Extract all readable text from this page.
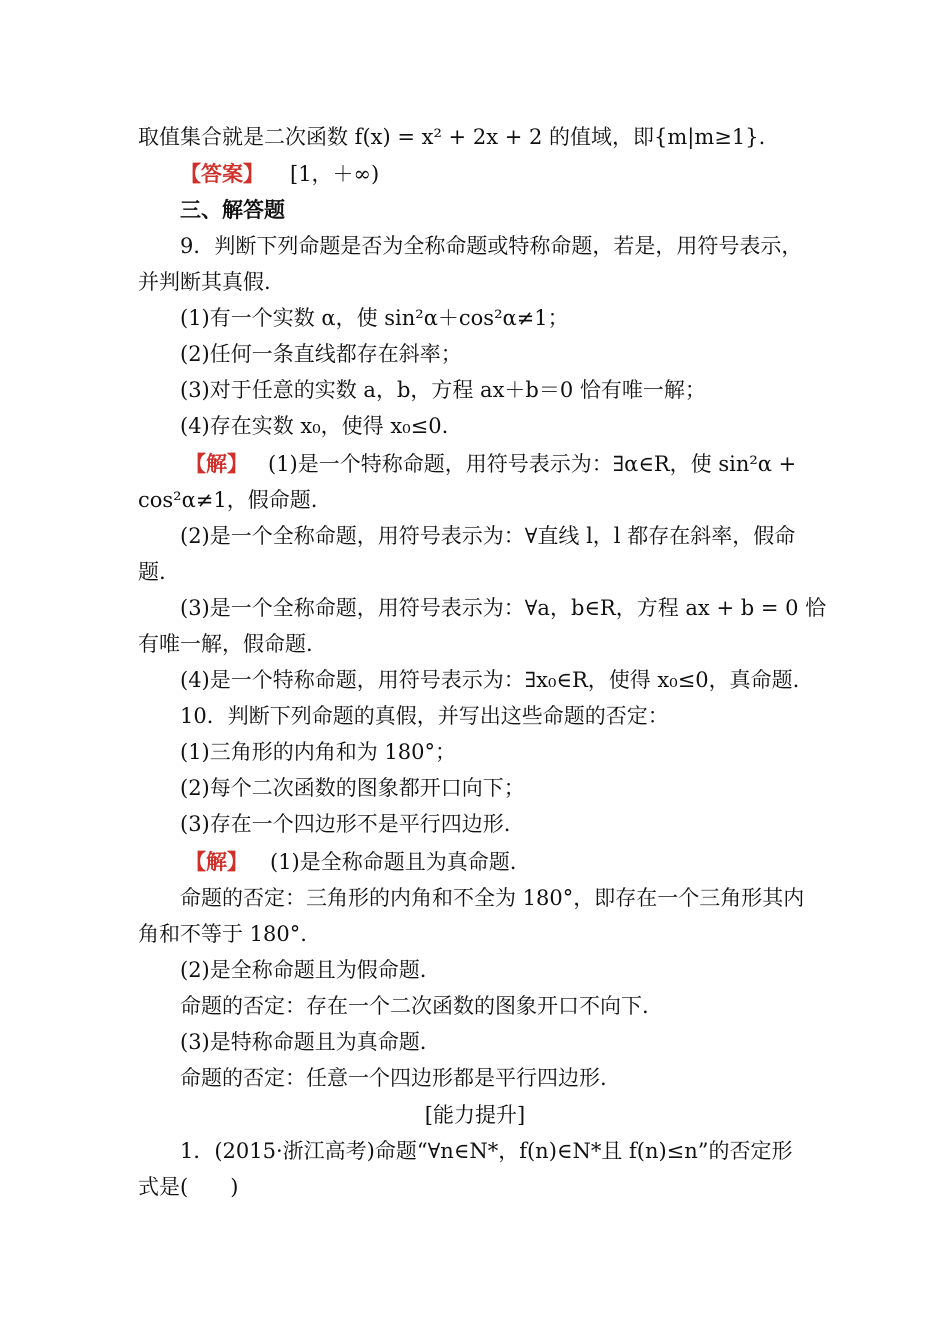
取值集合就是二次函数 f(x) = x² + 2x + 2 的值域，即{m|m≥1}.
【答案】 [1，＋∞)
三、解答题
9．判断下列命题是否为全称命题或特称命题，若是，用符号表示，
并判断其真假.
(1)有一个实数 α，使 sin²α＋cos²α≠1；
(2)任何一条直线都存在斜率；
(3)对于任意的实数 a，b，方程 ax＋b＝0 恰有唯一解；
(4)存在实数 x₀，使得 x₀≤0.
【解】 (1)是一个特称命题，用符号表示为：∃α∈R，使 sin²α +
cos²α≠1，假命题.
(2)是一个全称命题，用符号表示为：∀直线 l，l 都存在斜率，假命
题.
(3)是一个全称命题，用符号表示为：∀a，b∈R，方程 ax + b = 0 恰
有唯一解，假命题.
(4)是一个特称命题，用符号表示为：∃x₀∈R，使得 x₀≤0，真命题.
10．判断下列命题的真假，并写出这些命题的否定：
(1)三角形的内角和为 180°；
(2)每个二次函数的图象都开口向下；
(3)存在一个四边形不是平行四边形.
【解】 (1)是全称命题且为真命题.
命题的否定：三角形的内角和不全为 180°，即存在一个三角形其内
角和不等于 180°.
(2)是全称命题且为假命题.
命题的否定：存在一个二次函数的图象开口不向下.
(3)是特称命题且为真命题.
命题的否定：任意一个四边形都是平行四边形.
[能力提升]
1．(2015·浙江高考)命题“∀n∈N*，f(n)∈N*且 f(n)≤n”的否定形
式是(　　)
